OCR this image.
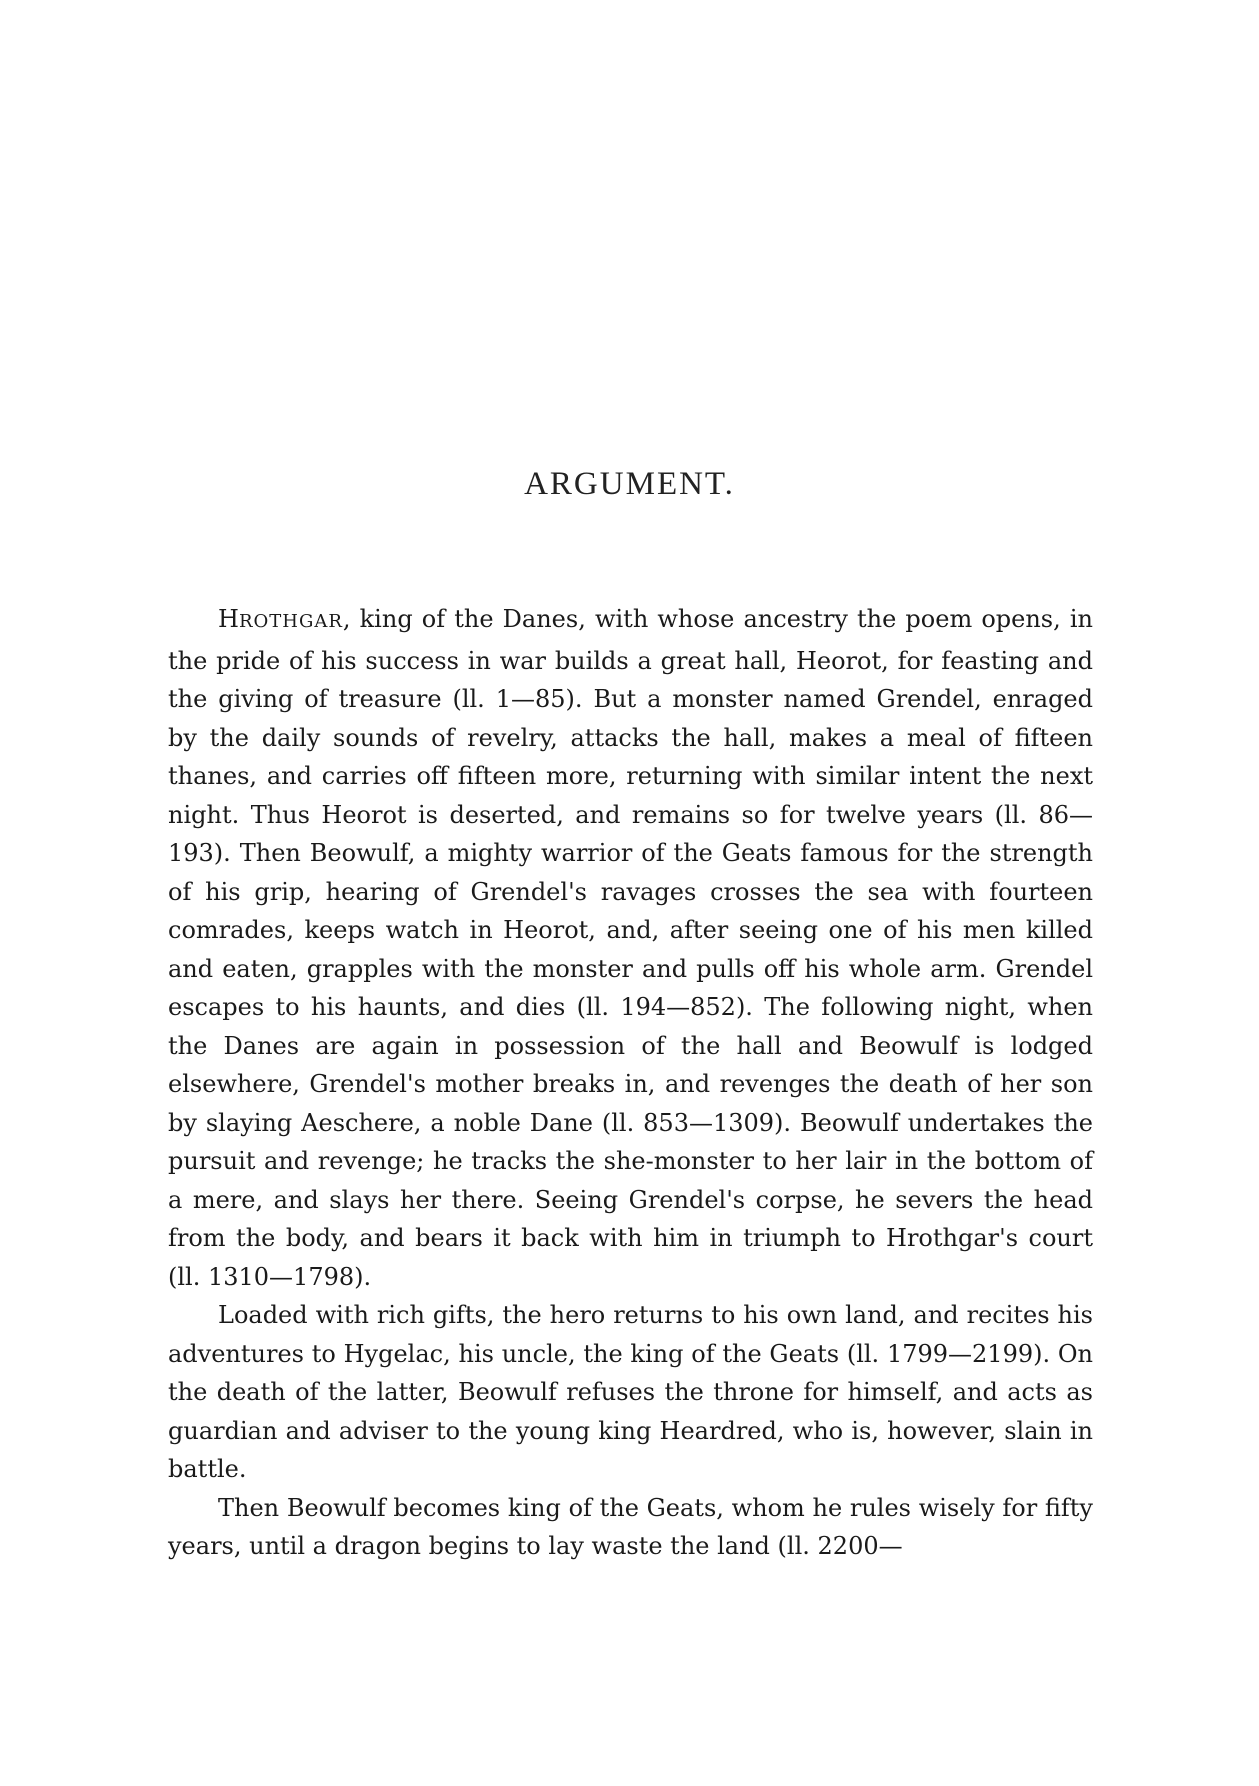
ARGUMENT.

HROTHGAR, king of the Danes, with whose ancestry the poem opens, in the pride of his success in war builds a great hall, Heorot, for feasting and the giving of treasure (ll. 1—85). But a monster named Grendel, enraged by the daily sounds of revelry, attacks the hall, makes a meal of fifteen thanes, and carries off fifteen more, returning with similar intent the next night. Thus Heorot is deserted, and remains so for twelve years (ll. 86—193). Then Beowulf, a mighty warrior of the Geats famous for the strength of his grip, hearing of Grendel's ravages crosses the sea with fourteen comrades, keeps watch in Heorot, and, after seeing one of his men killed and eaten, grapples with the monster and pulls off his whole arm. Grendel escapes to his haunts, and dies (ll. 194—852). The following night, when the Danes are again in possession of the hall and Beowulf is lodged elsewhere, Grendel's mother breaks in, and revenges the death of her son by slaying Aeschere, a noble Dane (ll. 853—1309). Beowulf undertakes the pursuit and revenge; he tracks the she-monster to her lair in the bottom of a mere, and slays her there. Seeing Grendel's corpse, he severs the head from the body, and bears it back with him in triumph to Hrothgar's court (ll. 1310—1798).

Loaded with rich gifts, the hero returns to his own land, and recites his adventures to Hygelac, his uncle, the king of the Geats (ll. 1799—2199). On the death of the latter, Beowulf refuses the throne for himself, and acts as guardian and adviser to the young king Heardred, who is, however, slain in battle.

Then Beowulf becomes king of the Geats, whom he rules wisely for fifty years, until a dragon begins to lay waste the land (ll. 2200—
